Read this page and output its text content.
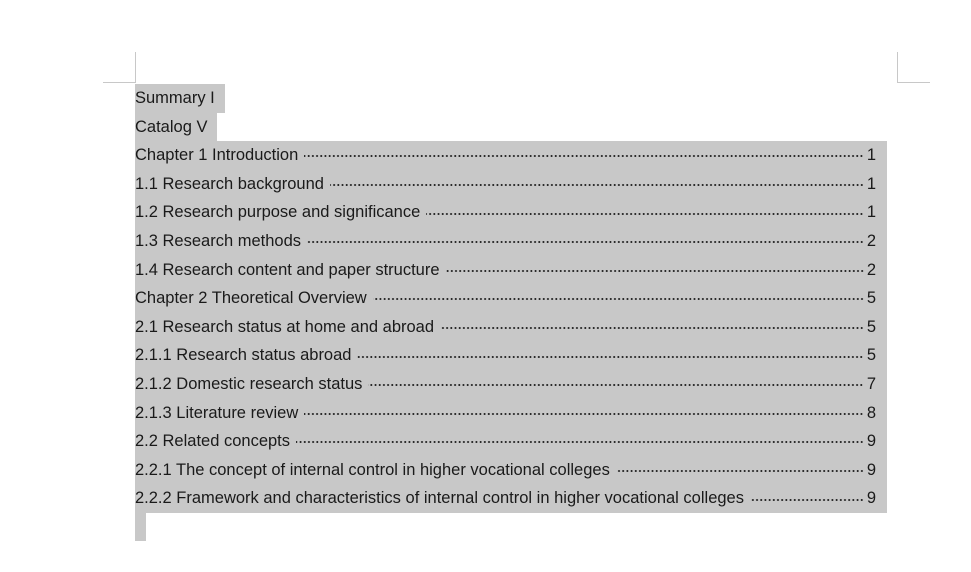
Summary I
Catalog V
Chapter 1 Introduction	1
1.1 Research background	1
1.2 Research purpose and significance	1
1.3 Research methods	2
1.4 Research content and paper structure	2
Chapter 2 Theoretical Overview	5
2.1 Research status at home and abroad	5
2.1.1 Research status abroad	5
2.1.2 Domestic research status	7
2.1.3 Literature review	8
2.2 Related concepts	9
2.2.1 The concept of internal control in higher vocational colleges	9
2.2.2 Framework and characteristics of internal control in higher vocational colleges	9
